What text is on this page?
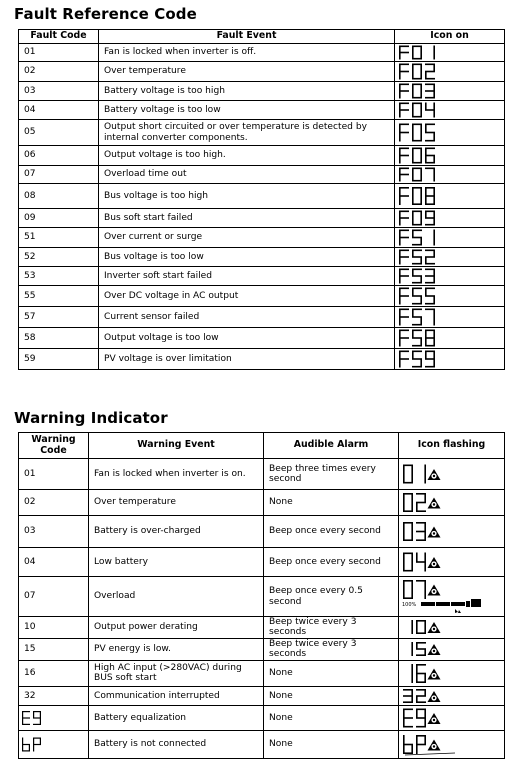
Fault Reference Code
Fault Code	Fault Event	Icon on
01	Fan is locked when inverter is off.	

02	Over temperature	

03	Battery voltage is too high	

04	Battery voltage is too low	

05	Output short circuited or over temperature is detected by internal converter components.	

06	Output voltage is too high.	

07	Overload time out	

08	Bus voltage is too high	

09	Bus soft start failed	

51	Over current or surge	

52	Bus voltage is too low	

53	Inverter soft start failed	

55	Over DC voltage in AC output	

57	Current sensor failed	

58	Output voltage is too low	

59	PV voltage is over limitation	
Warning Indicator
Warning Code	Warning Event	Audible Alarm	Icon flashing
01	Fan is locked when inverter is on.	Beep three times every second	

02	Over temperature	None	

03	Battery is over-charged	Beep once every second	

04	Low battery	Beep once every second	

07	Overload	Beep once every 0.5 second	100%

10	Output power derating	Beep twice every 3 seconds	

15	PV energy is low.	Beep twice every 3 seconds	

16	High AC input (>280VAC) during BUS soft start	None	

32	Communication interrupted	None	

	Battery equalization	None	

	Battery is not connected	None	
